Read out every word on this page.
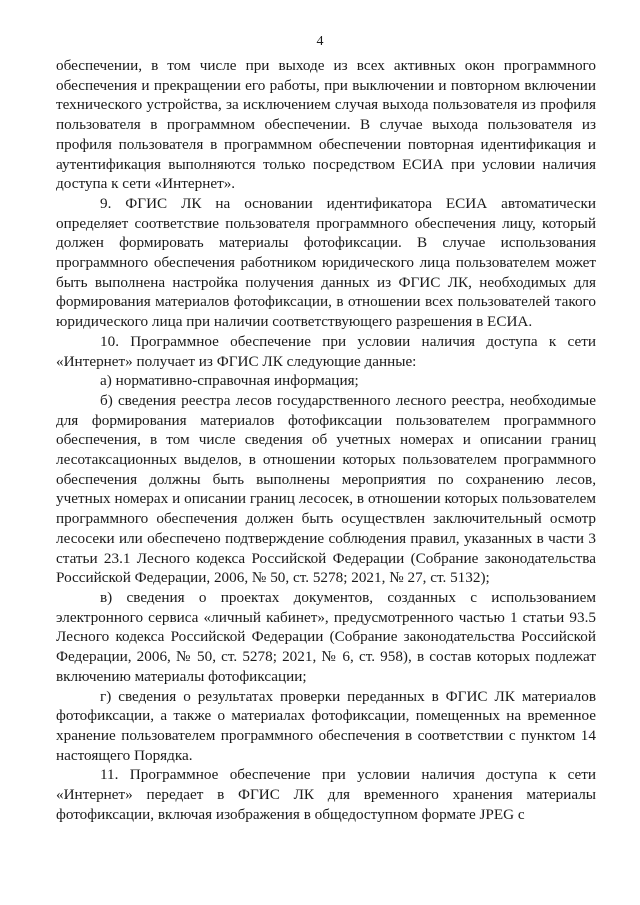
4

обеспечении, в том числе при выходе из всех активных окон программного обеспечения и прекращении его работы, при выключении и повторном включении технического устройства, за исключением случая выхода пользователя из профиля пользователя в программном обеспечении. В случае выхода пользователя из профиля пользователя в программном обеспечении повторная идентификация и аутентификация выполняются только посредством ЕСИА при условии наличия доступа к сети «Интернет».

9. ФГИС ЛК на основании идентификатора ЕСИА автоматически определяет соответствие пользователя программного обеспечения лицу, который должен формировать материалы фотофиксации. В случае использования программного обеспечения работником юридического лица пользователем может быть выполнена настройка получения данных из ФГИС ЛК, необходимых для формирования материалов фотофиксации, в отношении всех пользователей такого юридического лица при наличии соответствующего разрешения в ЕСИА.

10. Программное обеспечение при условии наличия доступа к сети «Интернет» получает из ФГИС ЛК следующие данные:

а) нормативно-справочная информация;

б) сведения реестра лесов государственного лесного реестра, необходимые для формирования материалов фотофиксации пользователем программного обеспечения, в том числе сведения об учетных номерах и описании границ лесотаксационных выделов, в отношении которых пользователем программного обеспечения должны быть выполнены мероприятия по сохранению лесов, учетных номерах и описании границ лесосек, в отношении которых пользователем программного обеспечения должен быть осуществлен заключительный осмотр лесосеки или обеспечено подтверждение соблюдения правил, указанных в части 3 статьи 23.1 Лесного кодекса Российской Федерации (Собрание законодательства Российской Федерации, 2006, № 50, ст. 5278; 2021, № 27, ст. 5132);

в) сведения о проектах документов, созданных с использованием электронного сервиса «личный кабинет», предусмотренного частью 1 статьи 93.5 Лесного кодекса Российской Федерации (Собрание законодательства Российской Федерации, 2006, № 50, ст. 5278; 2021, № 6, ст. 958), в состав которых подлежат включению материалы фотофиксации;

г) сведения о результатах проверки переданных в ФГИС ЛК материалов фотофиксации, а также о материалах фотофиксации, помещенных на временное хранение пользователем программного обеспечения в соответствии с пунктом 14 настоящего Порядка.

11. Программное обеспечение при условии наличия доступа к сети «Интернет» передает в ФГИС ЛК для временного хранения материалы фотофиксации, включая изображения в общедоступном формате JPEG с
